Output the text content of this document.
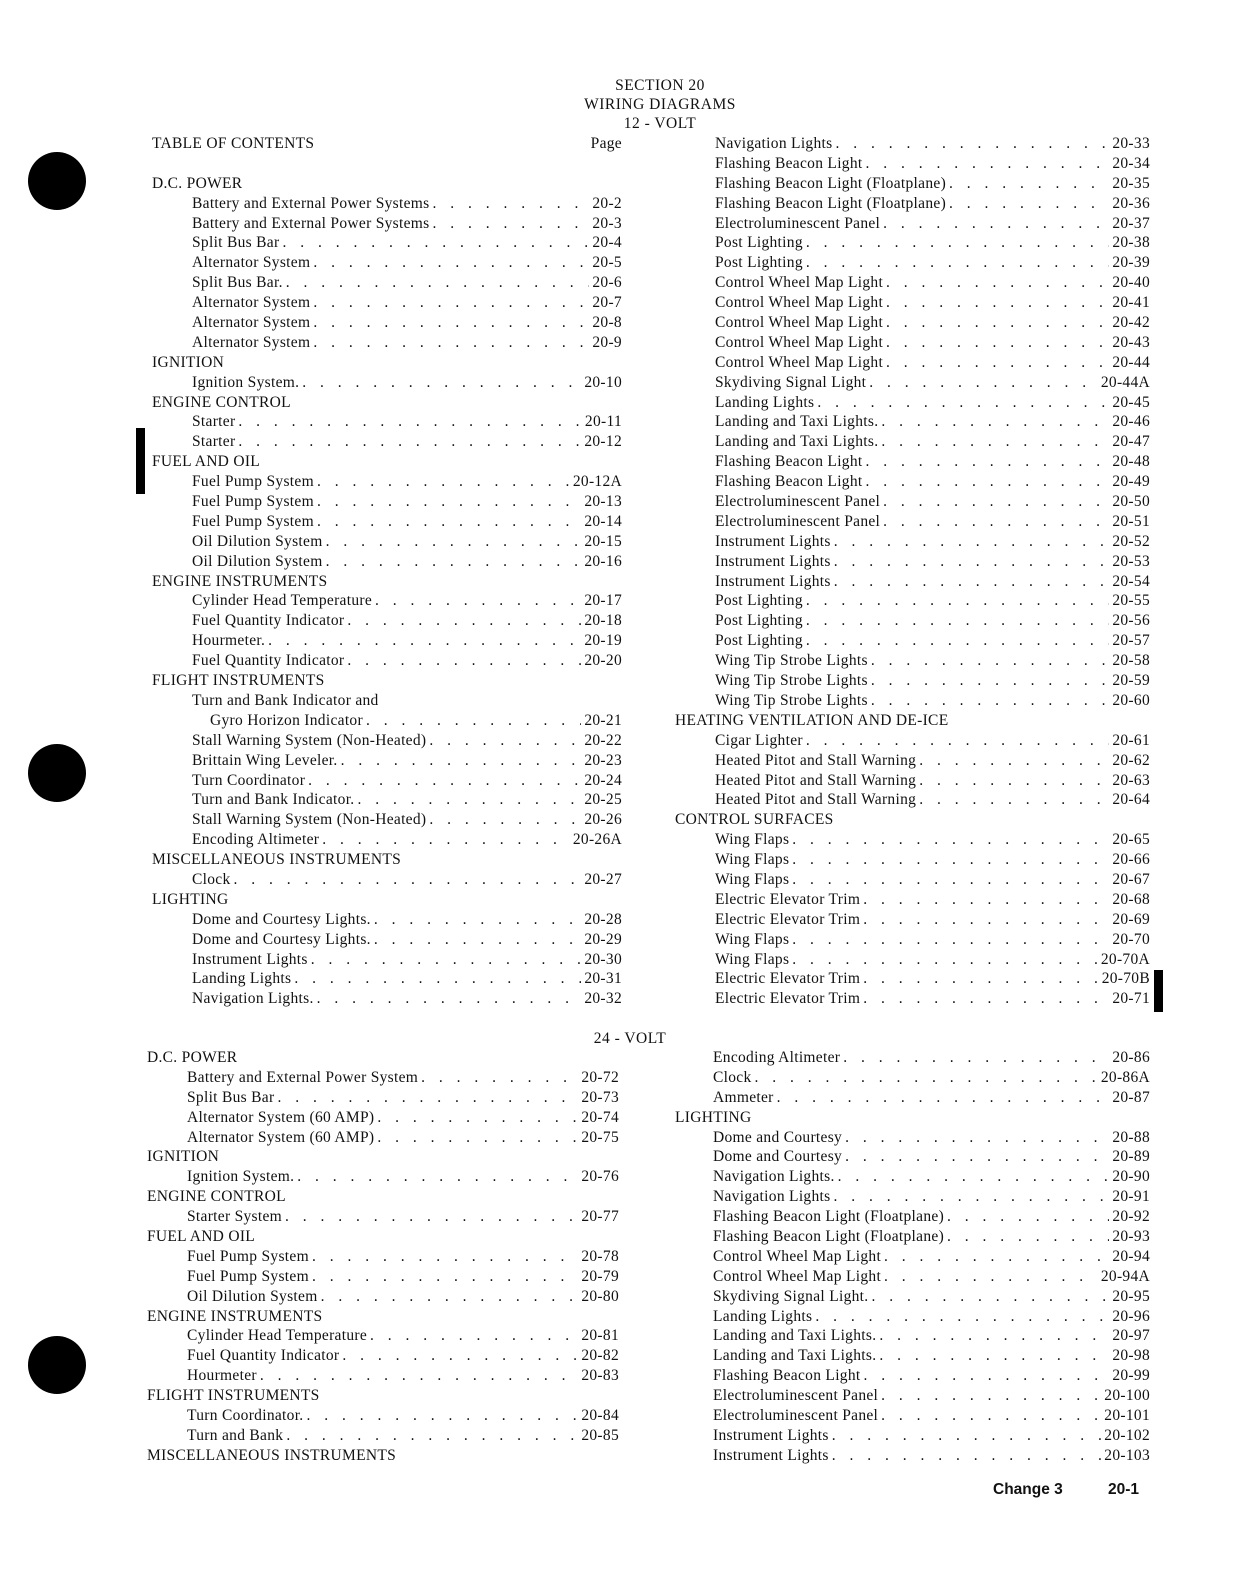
SECTION 20
WIRING DIAGRAMS
12 - VOLT
TABLE OF CONTENTS	Page
D.C. POWER
Battery and External Power Systems . . .	20-2
Battery and External Power Systems . . .	20-3
Split Bus Bar . . .	20-4
Alternator System . . .	20-5
Split Bus Bar. . . .	20-6
Alternator System . . .	20-7
Alternator System . . .	20-8
Alternator System . . .	20-9
IGNITION
Ignition System. . . .	20-10
ENGINE CONTROL
Starter . . .	20-11
Starter . . .	20-12
FUEL AND OIL
Fuel Pump System . . .	20-12A
Fuel Pump System . . .	20-13
Fuel Pump System . . .	20-14
Oil Dilution System . . .	20-15
Oil Dilution System . . .	20-16
ENGINE INSTRUMENTS
Cylinder Head Temperature . . .	20-17
Fuel Quantity Indicator . . .	20-18
Hourmeter. . . .	20-19
Fuel Quantity Indicator . . .	20-20
FLIGHT INSTRUMENTS
Turn and Bank Indicator and
Gyro Horizon Indicator . . .	20-21
Stall Warning System (Non-Heated) . . .	20-22
Brittain Wing Leveler. . . .	20-23
Turn Coordinator . . .	20-24
Turn and Bank Indicator. . . .	20-25
Stall Warning System (Non-Heated) . . .	20-26
Encoding Altimeter . . .	20-26A
MISCELLANEOUS INSTRUMENTS
Clock . . .	20-27
LIGHTING
Dome and Courtesy Lights. . . .	20-28
Dome and Courtesy Lights. . . .	20-29
Instrument Lights . . .	20-30
Landing Lights . . .	20-31
Navigation Lights. . . .	20-32
Navigation Lights . . .	20-33
Flashing Beacon Light . . .	20-34
Flashing Beacon Light (Floatplane) . . .	20-35
Flashing Beacon Light (Floatplane) . . .	20-36
Electroluminescent Panel . . .	20-37
Post Lighting . . .	20-38
Post Lighting . . .	20-39
Control Wheel Map Light . . .	20-40
Control Wheel Map Light . . .	20-41
Control Wheel Map Light . . .	20-42
Control Wheel Map Light . . .	20-43
Control Wheel Map Light . . .	20-44
Skydiving Signal Light . . .	20-44A
Landing Lights . . .	20-45
Landing and Taxi Lights. . . .	20-46
Landing and Taxi Lights. . . .	20-47
Flashing Beacon Light . . .	20-48
Flashing Beacon Light . . .	20-49
Electroluminescent Panel . . .	20-50
Electroluminescent Panel . . .	20-51
Instrument Lights . . .	20-52
Instrument Lights . . .	20-53
Instrument Lights . . .	20-54
Post Lighting . . .	20-55
Post Lighting . . .	20-56
Post Lighting . . .	20-57
Wing Tip Strobe Lights . . .	20-58
Wing Tip Strobe Lights . . .	20-59
Wing Tip Strobe Lights . . .	20-60
HEATING VENTILATION AND DE-ICE
Cigar Lighter . . .	20-61
Heated Pitot and Stall Warning . . .	20-62
Heated Pitot and Stall Warning . . .	20-63
Heated Pitot and Stall Warning . . .	20-64
CONTROL SURFACES
Wing Flaps . . .	20-65
Wing Flaps . . .	20-66
Wing Flaps . . .	20-67
Electric Elevator Trim . . .	20-68
Electric Elevator Trim . . .	20-69
Wing Flaps . . .	20-70
Wing Flaps . . .	20-70A
Electric Elevator Trim . . .	20-70B
Electric Elevator Trim . . .	20-71
24 - VOLT
D.C. POWER
Battery and External Power System . . .	20-72
Split Bus Bar . . .	20-73
Alternator System (60 AMP) . . .	20-74
Alternator System (60 AMP) . . .	20-75
IGNITION
Ignition System. . . .	20-76
ENGINE CONTROL
Starter System . . .	20-77
FUEL AND OIL
Fuel Pump System . . .	20-78
Fuel Pump System . . .	20-79
Oil Dilution System . . .	20-80
ENGINE INSTRUMENTS
Cylinder Head Temperature . . .	20-81
Fuel Quantity Indicator . . .	20-82
Hourmeter . . .	20-83
FLIGHT INSTRUMENTS
Turn Coordinator. . . .	20-84
Turn and Bank . . .	20-85
MISCELLANEOUS INSTRUMENTS
Encoding Altimeter . . .	20-86
Clock . . .	20-86A
Ammeter . . .	20-87
LIGHTING
Dome and Courtesy . . .	20-88
Dome and Courtesy . . .	20-89
Navigation Lights. . . .	20-90
Navigation Lights . . .	20-91
Flashing Beacon Light (Floatplane) . . .	20-92
Flashing Beacon Light (Floatplane) . . .	20-93
Control Wheel Map Light . . .	20-94
Control Wheel Map Light . . .	20-94A
Skydiving Signal Light. . . .	20-95
Landing Lights . . .	20-96
Landing and Taxi Lights. . . .	20-97
Landing and Taxi Lights. . . .	20-98
Flashing Beacon Light . . .	20-99
Electroluminescent Panel . . .	20-100
Electroluminescent Panel . . .	20-101
Instrument Lights . . .	20-102
Instrument Lights . . .	20-103
Change 3	20-1
